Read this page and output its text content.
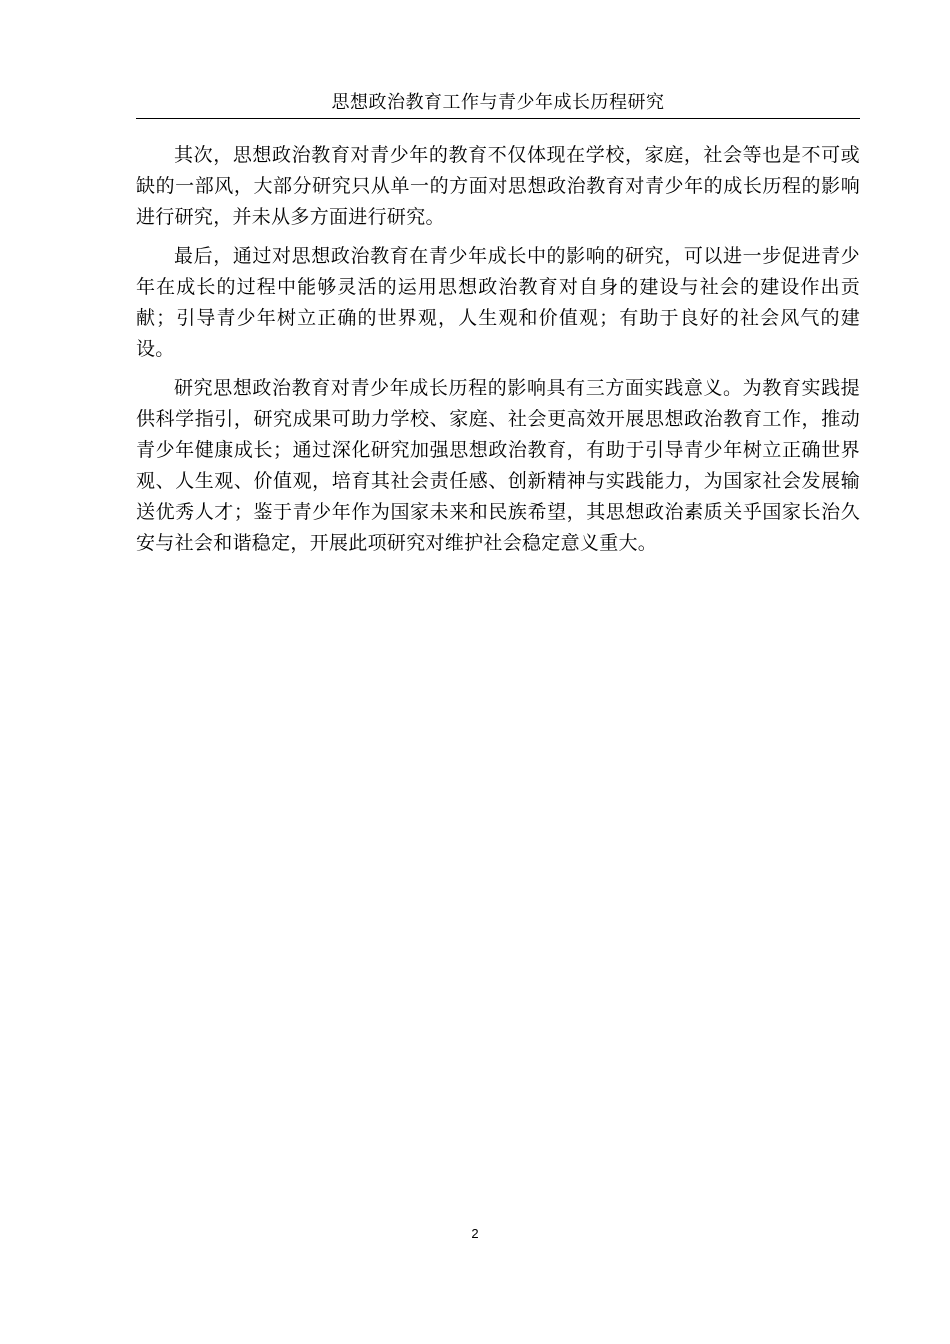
思想政治教育工作与青少年成长历程研究

其次，思想政治教育对青少年的教育不仅体现在学校，家庭，社会等也是不可或缺的一部风，大部分研究只从单一的方面对思想政治教育对青少年的成长历程的影响进行研究，并未从多方面进行研究。

最后，通过对思想政治教育在青少年成长中的影响的研究，可以进一步促进青少年在成长的过程中能够灵活的运用思想政治教育对自身的建设与社会的建设作出贡献；引导青少年树立正确的世界观，人生观和价值观；有助于良好的社会风气的建设。

研究思想政治教育对青少年成长历程的影响具有三方面实践意义。为教育实践提供科学指引，研究成果可助力学校、家庭、社会更高效开展思想政治教育工作，推动青少年健康成长；通过深化研究加强思想政治教育，有助于引导青少年树立正确世界观、人生观、价值观，培育其社会责任感、创新精神与实践能力，为国家社会发展输送优秀人才；鉴于青少年作为国家未来和民族希望，其思想政治素质关乎国家长治久安与社会和谐稳定，开展此项研究对维护社会稳定意义重大。

2
